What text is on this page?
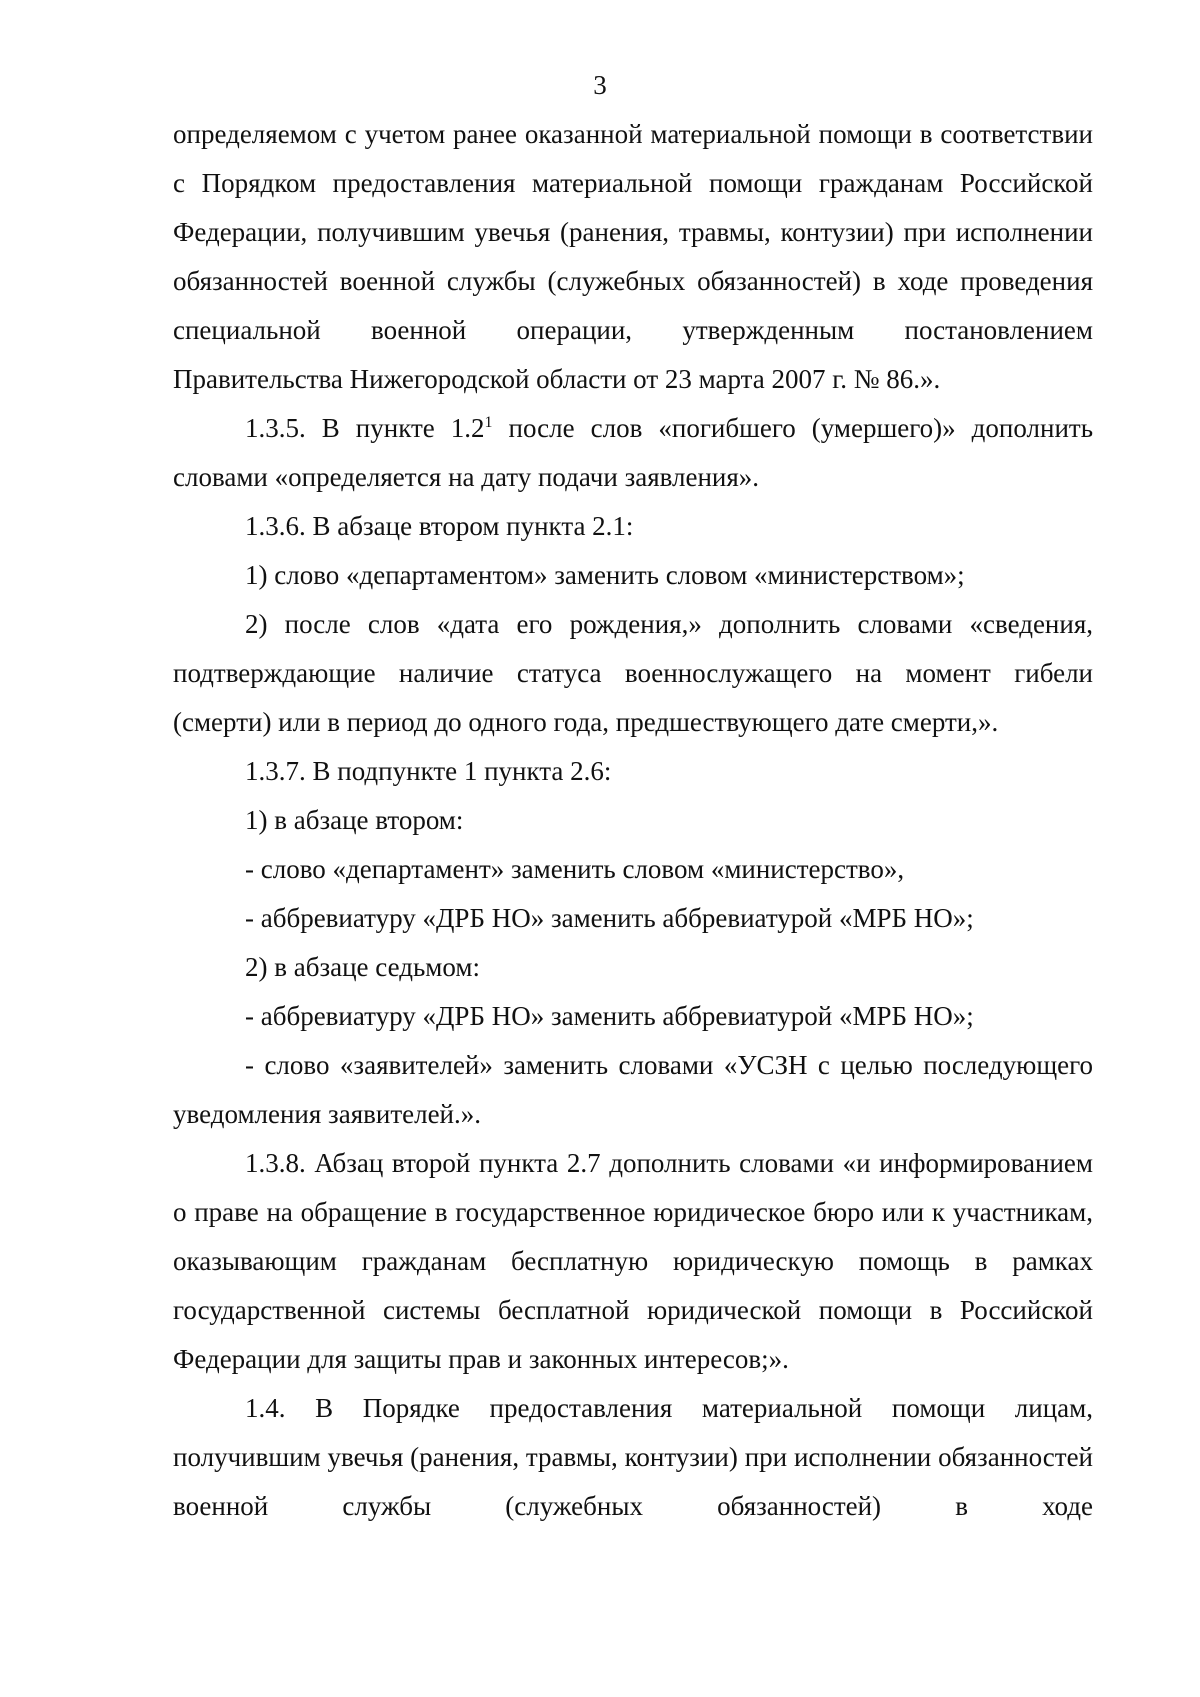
3

определяемом с учетом ранее оказанной материальной помощи в соответствии с Порядком предоставления материальной помощи гражданам Российской Федерации, получившим увечья (ранения, травмы, контузии) при исполнении обязанностей военной службы (служебных обязанностей) в ходе проведения специальной военной операции, утвержденным постановлением Правительства Нижегородской области от 23 марта 2007 г. № 86.».

1.3.5. В пункте $1.2^1$ после слов «погибшего (умершего)» дополнить словами «определяется на дату подачи заявления».

1.3.6. В абзаце втором пункта 2.1:

1) слово «департаментом» заменить словом «министерством»;

2) после слов «дата его рождения,» дополнить словами «сведения, подтверждающие наличие статуса военнослужащего на момент гибели (смерти) или в период до одного года, предшествующего дате смерти,».

1.3.7. В подпункте 1 пункта 2.6:

1) в абзаце втором:

- слово «департамент» заменить словом «министерство»,

- аббревиатуру «ДРБ НО» заменить аббревиатурой «МРБ НО»;

2) в абзаце седьмом:

- аббревиатуру «ДРБ НО» заменить аббревиатурой «МРБ НО»;

- слово «заявителей» заменить словами «УСЗН с целью последующего уведомления заявителей.».

1.3.8. Абзац второй пункта 2.7 дополнить словами «и информированием о праве на обращение в государственное юридическое бюро или к участникам, оказывающим гражданам бесплатную юридическую помощь в рамках государственной системы бесплатной юридической помощи в Российской Федерации для защиты прав и законных интересов;».

1.4. В Порядке предоставления материальной помощи лицам, получившим увечья (ранения, травмы, контузии) при исполнении обязанностей военной службы (служебных обязанностей) в ходе
